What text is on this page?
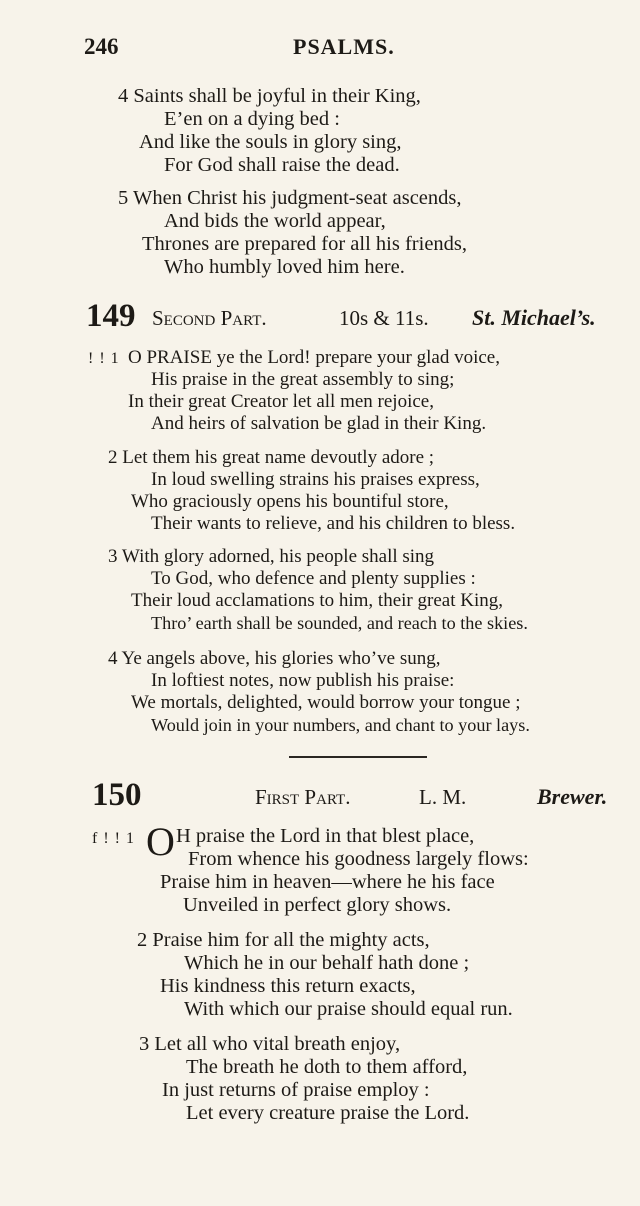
246	PSALMS.
4 Saints shall be joyful in their King,
E’en on a dying bed :
And like the souls in glory sing,
For God shall raise the dead.
5 When Christ his judgment-seat ascends,
And bids the world appear,
Thrones are prepared for all his friends,
Who humbly loved him here.
149 Second Part.	10s & 11s. St. Michael’s.
! ! 1 O PRAISE ye the Lord! prepare your glad voice,
His praise in the great assembly to sing;
In their great Creator let all men rejoice,
And heirs of salvation be glad in their King.
2 Let them his great name devoutly adore ;
In loud swelling strains his praises express,
Who graciously opens his bountiful store,
Their wants to relieve, and his children to bless.
3 With glory adorned, his people shall sing
To God, who defence and plenty supplies :
Their loud acclamations to him, their great King,
Thro’ earth shall be sounded, and reach to the skies.
4 Ye angels above, his glories who’ve sung,
In loftiest notes, now publish his praise:
We mortals, delighted, would borrow your tongue ;
Would join in your numbers, and chant to your lays.
150	First Part.	L. M.	Brewer.
f ! ! 1 O H praise the Lord in that blest place,
From whence his goodness largely flows:
Praise him in heaven—where he his face
Unveiled in perfect glory shows.
2 Praise him for all the mighty acts,
Which he in our behalf hath done ;
His kindness this return exacts,
With which our praise should equal run.
3 Let all who vital breath enjoy,
The breath he doth to them afford,
In just returns of praise employ :
Let every creature praise the Lord.
